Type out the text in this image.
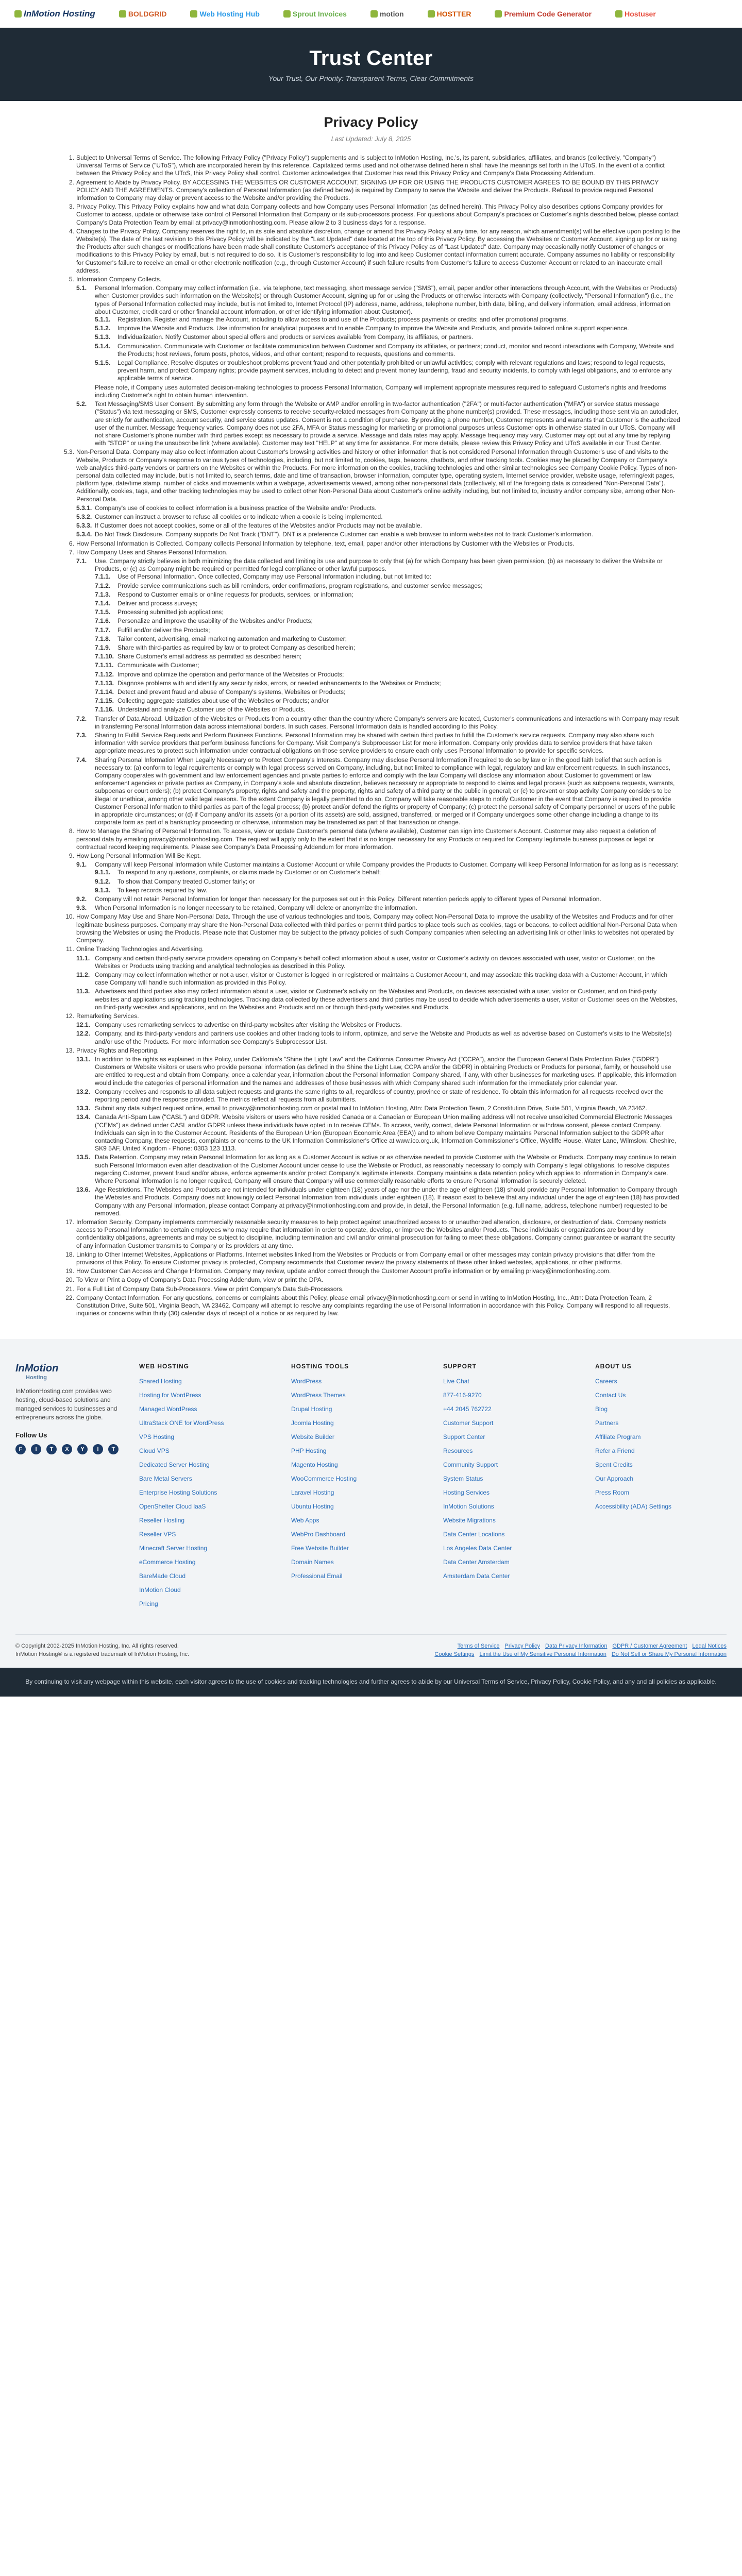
InMotion Hosting	BOLDGRID	Web Hosting Hub	Sprout Invoices	motion	HOSTTER	Premium Code Generator	Hostuser
Trust Center

Your Trust, Our Priority: Transparent Terms, Clear Commitments

Privacy Policy
Last Updated: July 8, 2025
1. Subject to Universal Terms of Service. The following Privacy Policy ("Privacy Policy") supplements and is subject to InMotion Hosting, Inc.'s, its parent, subsidiaries, affiliates, and brands (collectively, "Company") Universal Terms of Service ("UToS"), which are incorporated herein by this reference. Capitalized terms used and not otherwise defined herein shall have the meanings set forth in the UToS. In the event of a conflict between the Privacy Policy and the UToS, this Privacy Policy shall control. Customer acknowledges that Customer has read this Privacy Policy and Company's Data Processing Addendum.
2. Agreement to Abide by Privacy Policy. BY ACCESSING THE WEBSITES OR CUSTOMER ACCOUNT, SIGNING UP FOR OR USING THE PRODUCTS CUSTOMER AGREES TO BE BOUND BY THIS PRIVACY POLICY AND THE AGREEMENTS. Company's collection of Personal Information (as defined below) is required by Company to serve the Website and deliver the Products. Refusal to provide required Personal Information to Company may delay or prevent access to the Website and/or providing the Products.
3. Privacy Policy. This Privacy Policy explains how and what data Company collects and how Company uses Personal Information (as defined herein). This Privacy Policy also describes options Company provides for Customer to access, update or otherwise take control of Personal Information that Company or its sub-processors process. For questions about Company's practices or Customer's rights described below, please contact Company's Data Protection Team by email at privacy@inmotionhosting.com. Please allow 2 to 3 business days for a response.
4. Changes to the Privacy Policy. Company reserves the right to, in its sole and absolute discretion, change or amend this Privacy Policy at any time, for any reason, which amendment(s) will be effective upon posting to the Website(s). The date of the last revision to this Privacy Policy will be indicated by the "Last Updated" date located at the top of this Privacy Policy. By accessing the Websites or Customer Account, signing up for or using the Products after such changes or modifications have been made shall constitute Customer's acceptance of this Privacy Policy as of "Last Updated" date. Company may occasionally notify Customer of changes or modifications to this Privacy Policy by email, but is not required to do so. It is Customer's responsibility to log into and keep Customer contact information current accurate. Company assumes no liability or responsibility for Customer's failure to receive an email or other electronic notification (e.g., through Customer Account) if such failure results from Customer's failure to access Customer Account or related to an inaccurate email address.
5. Information Company Collects.
5.1.	Personal Information. Company may collect information (i.e., via telephone, text messaging, short message service ("SMS"), email, paper and/or other interactions through Account, with the Websites or Products) when Customer provides such information on the Website(s) or through Customer Account, signing up for or using the Products or otherwise interacts with Company (collectively, "Personal Information") (i.e., the types of Personal Information collected may include, but is not limited to, Internet Protocol (IP) address, name, address, telephone number, birth date, billing, and delivery information, email address, information about Customer, credit card or other financial account information, or other identifying information about Customer).
5.1.1.	Registration. Register and manage the Account, including to allow access to and use of the Products; process payments or credits; and offer promotional programs.
5.1.2.	Improve the Website and Products. Use information for analytical purposes and to enable Company to improve the Website and Products, and provide tailored online support experience.
5.1.3.	Individualization. Notify Customer about special offers and products or services available from Company, its affiliates, or partners.
5.1.4.	Communication. Communicate with Customer or facilitate communication between Customer and Company its affiliates, or partners; conduct, monitor and record interactions with Company, Website and the Products; host reviews, forum posts, photos, videos, and other content; respond to requests, questions and comments.
5.1.5.	Legal Compliance. Resolve disputes or troubleshoot problems prevent fraud and other potentially prohibited or unlawful activities; comply with relevant regulations and laws; respond to legal requests, prevent harm, and protect Company rights; provide payment services, including to detect and prevent money laundering, fraud and security incidents, to comply with legal obligations, and to enforce any applicable terms of service.
Please note, if Company uses automated decision-making technologies to process Personal Information, Company will implement appropriate measures required to safeguard Customer's rights and freedoms including Customer's right to obtain human intervention.
5.2.	Text Messaging/SMS User Consent. By submitting any form through the Website or AMP and/or enrolling in two-factor authentication ("2FA") or multi-factor authentication ("MFA") or service status message ("Status") via text messaging or SMS, Customer expressly consents to receive security-related messages from Company at the phone number(s) provided. These messages, including those sent via an autodialer, are strictly for authentication, account security, and service status updates. Consent is not a condition of purchase. By providing a phone number, Customer represents and warrants that Customer is the authorized user of the number. Message frequency varies. Company does not use 2FA, MFA or Status messaging for marketing or promotional purposes unless Customer opts in otherwise stated in our UToS. Company will not share Customer's phone number with third parties except as necessary to provide a service. Message and data rates may apply. Message frequency may vary. Customer may opt out at any time by replying with "STOP" or using the unsubscribe link (where available). Customer may text "HELP" at any time for assistance. For more details, please review this Privacy Policy and UToS available in our Trust Center.
5.3. Non-Personal Data. Company may also collect information about Customer's browsing activities and history or other information that is not considered Personal Information through Customer's use of and visits to the Website, Products or Company's response to various types of technologies, including, but not limited to, cookies, tags, beacons, chatbots, and other tracking tools. Cookies may be placed by Company or Company's web analytics third-party vendors or partners on the Websites or within the Products. For more information on the cookies, tracking technologies and other similar technologies see Company Cookie Policy. Types of non-personal data collected may include, but is not limited to, search terms, date and time of transaction, browser information, computer type, operating system, Internet service provider, website usage, referring/exit pages, platform type, date/time stamp, number of clicks and movements within a webpage, advertisements viewed, among other non-personal data (collectively, all of the foregoing data is considered "Non-Personal Data"). Additionally, cookies, tags, and other tracking technologies may be used to collect other Non-Personal Data about Customer's online activity including, but not limited to, industry and/or company size, among other Non-Personal Data.
5.3.1. Company's use of cookies to collect information is a business practice of the Website and/or Products.
5.3.2. Customer can instruct a browser to refuse all cookies or to indicate when a cookie is being implemented.
5.3.3. If Customer does not accept cookies, some or all of the features of the Websites and/or Products may not be available.
5.3.4. Do Not Track Disclosure. Company supports Do Not Track ("DNT"). DNT is a preference Customer can enable a web browser to inform websites not to track Customer's information.
6. How Personal Information is Collected. Company collects Personal Information by telephone, text, email, paper and/or other interactions by Customer with the Websites or Products.
7. How Company Uses and Shares Personal Information.
7.1.	Use. Company strictly believes in both minimizing the data collected and limiting its use and purpose to only that (a) for which Company has been given permission, (b) as necessary to deliver the Website or Products, or (c) as Company might be required or permitted for legal compliance or other lawful purposes.
7.1.1.	Use of Personal Information. Once collected, Company may use Personal Information including, but not limited to:
7.1.2.	Provide service communications such as bill reminders, order confirmations, program registrations, and customer service messages;
7.1.3.	Respond to Customer emails or online requests for products, services, or information;
7.1.4.	Deliver and process surveys;
7.1.5.	Processing submitted job applications;
7.1.6.	Personalize and improve the usability of the Websites and/or Products;
7.1.7.	Fulfill and/or deliver the Products;
7.1.8.	Tailor content, advertising, email marketing automation and marketing to Customer;
7.1.9.	Share with third-parties as required by law or to protect Company as described herein;
7.1.10. Share Customer's email address as permitted as described herein;
7.1.11. Communicate with Customer;
7.1.12. Improve and optimize the operation and performance of the Websites or Products;
7.1.13. Diagnose problems with and identify any security risks, errors, or needed enhancements to the Websites or Products;
7.1.14. Detect and prevent fraud and abuse of Company's systems, Websites or Products;
7.1.15. Collecting aggregate statistics about use of the Websites or Products; and/or
7.1.16. Understand and analyze Customer use of the Websites or Products.
7.2.	Transfer of Data Abroad. Utilization of the Websites or Products from a country other than the country where Company's servers are located, Customer's communications and interactions with Company may result in transferring Personal Information data across international borders. In such cases, Personal Information data is handled according to this Policy.
7.3.	Sharing to Fulfill Service Requests and Perform Business Functions. Personal Information may be shared with certain third parties to fulfill the Customer's service requests. Company may also share such information with service providers that perform business functions for Company. Visit Company's Subprocessor List for more information. Company only provides data to service providers that have taken appropriate measures to protect such information under contractual obligations on those service providers to ensure each only uses Personal Information to provide for specific services.
7.4.	Sharing Personal Information When Legally Necessary or to Protect Company's Interests. Company may disclose Personal Information if required to do so by law or in the good faith belief that such action is necessary to: (a) conform to legal requirements or comply with legal process served on Company, including, but not limited to compliance with legal, regulatory and law enforcement requests. In such instances, Company cooperates with government and law enforcement agencies and private parties to enforce and comply with the law Company will disclose any information about Customer to government or law enforcement agencies or private parties as Company, in Company's sole and absolute discretion, believes necessary or appropriate to respond to claims and legal process (such as subpoena requests, warrants, subpoenas or court orders); (b) protect Company's property, rights and safety and the property, rights and safety of a third party or the public in general; or (c) to prevent or stop activity Company considers to be illegal or unethical, among other valid legal reasons. To the extent Company is legally permitted to do so, Company will take reasonable steps to notify Customer in the event that Company is required to provide Customer Personal Information to third parties as part of the legal process; (b) protect and/or defend the rights or property of Company; (c) protect the personal safety of Company personnel or users of the public in appropriate circumstances; or (d) if Company and/or its assets (or a portion of its assets) are sold, assigned, transferred, or merged or if Company undergoes some other change including a change to its corporate form as part of a bankruptcy proceeding or otherwise, information may be transferred as part of that transaction or change.
8. How to Manage the Sharing of Personal Information. To access, view or update Customer's personal data (where available), Customer can sign into Customer's Account. Customer may also request a deletion of personal data by emailing privacy@inmotionhosting.com. The request will apply only to the extent that it is no longer necessary for any Products or required for Company legitimate business purposes or legal or contractual record keeping requirements. Please see Company's Data Processing Addendum for more information.
9. How Long Personal Information Will Be Kept.
9.1.	Company will keep Personal Information while Customer maintains a Customer Account or while Company provides the Products to Customer. Company will keep Personal Information for as long as is necessary:
9.1.1.	To respond to any questions, complaints, or claims made by Customer or on Customer's behalf;
9.1.2.	To show that Company treated Customer fairly; or
9.1.3.	To keep records required by law.
9.2.	Company will not retain Personal Information for longer than necessary for the purposes set out in this Policy. Different retention periods apply to different types of Personal Information.
9.3.	When Personal Information is no longer necessary to be retained, Company will delete or anonymize the information.
10. How Company May Use and Share Non-Personal Data. Through the use of various technologies and tools, Company may collect Non-Personal Data to improve the usability of the Websites and Products and for other legitimate business purposes. Company may share the Non-Personal Data collected with third parties or permit third parties to place tools such as cookies, tags or beacons, to collect additional Non-Personal Data when browsing the Websites or using the Products. Please note that Customer may be subject to the privacy policies of such Company companies when selecting an advertising link or other links to websites not operated by Company.
11. Online Tracking Technologies and Advertising.
11.1. Company and certain third-party service providers operating on Company's behalf collect information about a user, visitor or Customer's activity on devices associated with user, visitor or Customer, on the Websites or Products using tracking and analytical technologies as described in this Policy.
11.2. Company may collect information whether or not a user, visitor or Customer is logged in or registered or maintains a Customer Account, and may associate this tracking data with a Customer Account, in which case Company will handle such information as provided in this Policy.
11.3. Advertisers and third parties also may collect information about a user, visitor or Customer's activity on the Websites and Products, on devices associated with a user, visitor or Customer, and on third-party websites and applications using tracking technologies. Tracking data collected by these advertisers and third parties may be used to decide which advertisements a user, visitor or Customer sees on the Websites, on third-party websites and applications, and on the Websites and Products and on or through third-party websites and Products.
12. Remarketing Services.
12.1. Company uses remarketing services to advertise on third-party websites after visiting the Websites or Products.
12.2. Company, and its third-party vendors and partners use cookies and other tracking tools to inform, optimize, and serve the Website and Products as well as advertise based on Customer's visits to the Website(s) and/or use of the Products. For more information see Company's Subprocessor List.
13. Privacy Rights and Reporting.
13.1. In addition to the rights as explained in this Policy, under California's "Shine the Light Law" and the California Consumer Privacy Act ("CCPA"), and/or the European General Data Protection Rules ("GDPR") Customers or Website visitors or users who provide personal information (as defined in the Shine the Light Law, CCPA and/or the GDPR) in obtaining Products or Products for personal, family, or household use are entitled to request and obtain from Company, once a calendar year, information about the Personal Information Company shared, if any, with other businesses for marketing uses. If applicable, this information would include the categories of personal information and the names and addresses of those businesses with which Company shared such information for the immediately prior calendar year.
13.2. Company receives and responds to all data subject requests and grants the same rights to all, regardless of country, province or state of residence. To obtain this information for all requests received over the reporting period and the response provided. The metrics reflect all requests from all submitters.
13.3. Submit any data subject request online, email to privacy@inmotionhosting.com or postal mail to InMotion Hosting, Attn: Data Protection Team, 2 Constitution Drive, Suite 501, Virginia Beach, VA 23462.
13.4. Canada Anti-Spam Law ("CASL") and GDPR. Website visitors or users who have resided Canada or a Canadian or European Union mailing address will not receive unsolicited Commercial Electronic Messages ("CEMs") as defined under CASL and/or GDPR unless these individuals have opted in to receive CEMs. To access, verify, correct, delete Personal Information or withdraw consent, please contact Company. Individuals can sign in to the Customer Account. Residents of the European Union (European Economic Area (EEA)) and to whom believe Company maintains Personal Information subject to the GDPR after contacting Company, these requests, complaints or concerns to the UK Information Commissioner's Office at www.ico.org.uk, Information Commissioner's Office, Wycliffe House, Water Lane, Wilmslow, Cheshire, SK9 5AF, United Kingdom - Phone: 0303 123 1113.
13.5. Data Retention. Company may retain Personal Information for as long as a Customer Account is active or as otherwise needed to provide Customer with the Website or Products. Company may continue to retain such Personal Information even after deactivation of the Customer Account under cease to use the Website or Product, as reasonably necessary to comply with Company's legal obligations, to resolve disputes regarding Customer, prevent fraud and/or abuse, enforce agreements and/or protect Company's legitimate interests. Company maintains a data retention policy which applies to information in Company's care. Where Personal Information is no longer required, Company will ensure that Company will use commercially reasonable efforts to ensure Personal Information is securely deleted.
13.6. Age Restrictions. The Websites and Products are not intended for individuals under eighteen (18) years of age nor the under the age of eighteen (18) should provide any Personal Information to Company through the Websites and Products. Company does not knowingly collect Personal Information from individuals under eighteen (18). If reason exist to believe that any individual under the age of eighteen (18) has provided Company with any Personal Information, please contact Company at privacy@inmotionhosting.com and provide, in detail, the Personal Information (e.g. full name, address, telephone number) requested to be removed.
17. Information Security. Company implements commercially reasonable security measures to help protect against unauthorized access to or unauthorized alteration, disclosure, or destruction of data. Company restricts access to Personal Information to certain employees who may require that information in order to operate, develop, or improve the Websites and/or Products. These individuals or organizations are bound by confidentiality obligations, agreements and may be subject to discipline, including termination and civil and/or criminal prosecution for failing to meet these obligations. Company cannot guarantee or warrant the security of any information Customer transmits to Company or its providers at any time.
18. Linking to Other Internet Websites, Applications or Platforms. Internet websites linked from the Websites or Products or from Company email or other messages may contain privacy provisions that differ from the provisions of this Policy. To ensure Customer privacy is protected, Company recommends that Customer review the privacy statements of these other linked websites, applications, or other platforms.
19. How Customer Can Access and Change Information. Company may review, update and/or correct through the Customer Account profile information or by emailing privacy@inmotionhosting.com.
20. To View or Print a Copy of Company's Data Processing Addendum, view or print the DPA.
21. For a Full List of Company Data Sub-Processors. View or print Company's Data Sub-Processors.
22. Company Contact Information. For any questions, concerns or complaints about this Policy, please email privacy@inmotionhosting.com or send in writing to InMotion Hosting, Inc., Attn: Data Protection Team, 2 Constitution Drive, Suite 501, Virginia Beach, VA 23462. Company will attempt to resolve any complaints regarding the use of Personal Information in accordance with this Policy. Company will respond to all requests, inquiries or concerns within thirty (30) calendar days of receipt of a notice or as required by law.
InMotion
Hosting

InMotionHosting.com provides web hosting, cloud-based solutions and managed services to businesses and entrepreneurs across the globe.

Follow Us
F	I	T	X	Y	I	T
WEB HOSTING
Shared Hosting
Hosting for WordPress
Managed WordPress
UltraStack ONE for WordPress
VPS Hosting
Cloud VPS
Dedicated Server Hosting
Bare Metal Servers
Enterprise Hosting Solutions
OpenShelter Cloud laaS
Reseller Hosting
Reseller VPS
Minecraft Server Hosting
eCommerce Hosting
BareMade Cloud
InMotion Cloud
Pricing
HOSTING TOOLS
WordPress
WordPress Themes
Drupal Hosting
Joomla Hosting
Website Builder
PHP Hosting
Magento Hosting
WooCommerce Hosting
Laravel Hosting
Ubuntu Hosting
Web Apps
WebPro Dashboard
Free Website Builder
Domain Names
Professional Email
SUPPORT
Live Chat
877-416-9270
+44 2045 762722
Customer Support
Support Center
Resources
Community Support
System Status
Hosting Services
InMotion Solutions
Website Migrations
Data Center Locations
Los Angeles Data Center
Data Center Amsterdam
Amsterdam Data Center
ABOUT US
Careers
Contact Us
Blog
Partners
Affiliate Program
Refer a Friend
Spent Credits
Our Approach
Press Room
Accessibility (ADA) Settings
© Copyright 2002-2025 InMotion Hosting, Inc. All rights reserved.
InMotion Hosting® is a registered trademark of InMotion Hosting, Inc.
Terms of Service Privacy Policy Data Privacy Information GDPR / Customer Agreement Legal Notices
Cookie Settings Limit the Use of My Sensitive Personal Information Do Not Sell or Share My Personal Information
By continuing to visit any webpage within this website, each visitor agrees to the use of cookies and tracking technologies and further agrees to abide by our Universal Terms of Service, Privacy Policy, Cookie Policy, and any and all policies as applicable.
